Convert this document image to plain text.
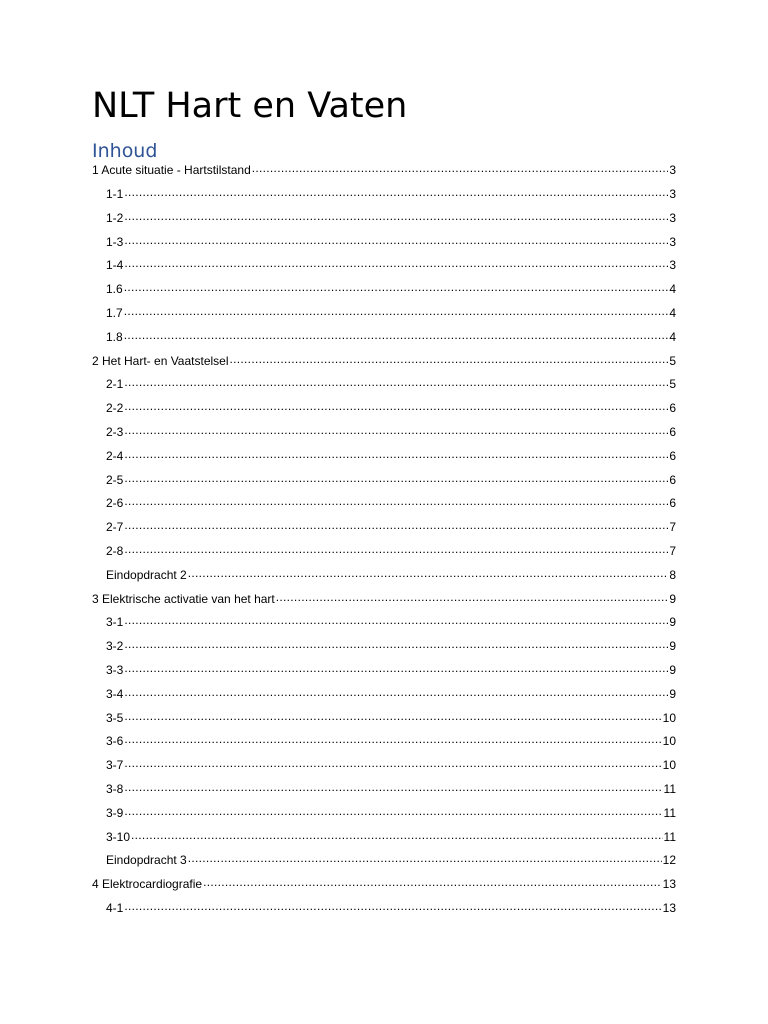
NLT Hart en Vaten
Inhoud
1 Acute situatie - Hartstilstand .....	3
1-1 .....	3
1-2 .....	3
1-3 .....	3
1-4 .....	3
1.6 .....	4
1.7 .....	4
1.8 .....	4
2 Het Hart- en Vaatstelsel .....	5
2-1 .....	5
2-2 .....	6
2-3 .....	6
2-4 .....	6
2-5 .....	6
2-6 .....	6
2-7 .....	7
2-8 .....	7
Eindopdracht 2 .....	8
3 Elektrische activatie van het hart .....	9
3-1 .....	9
3-2 .....	9
3-3 .....	9
3-4 .....	9
3-5 .....	10
3-6 .....	10
3-7 .....	10
3-8 .....	11
3-9 .....	11
3-10 .....	11
Eindopdracht 3 .....	12
4 Elektrocardiografie .....	13
4-1 .....	13
